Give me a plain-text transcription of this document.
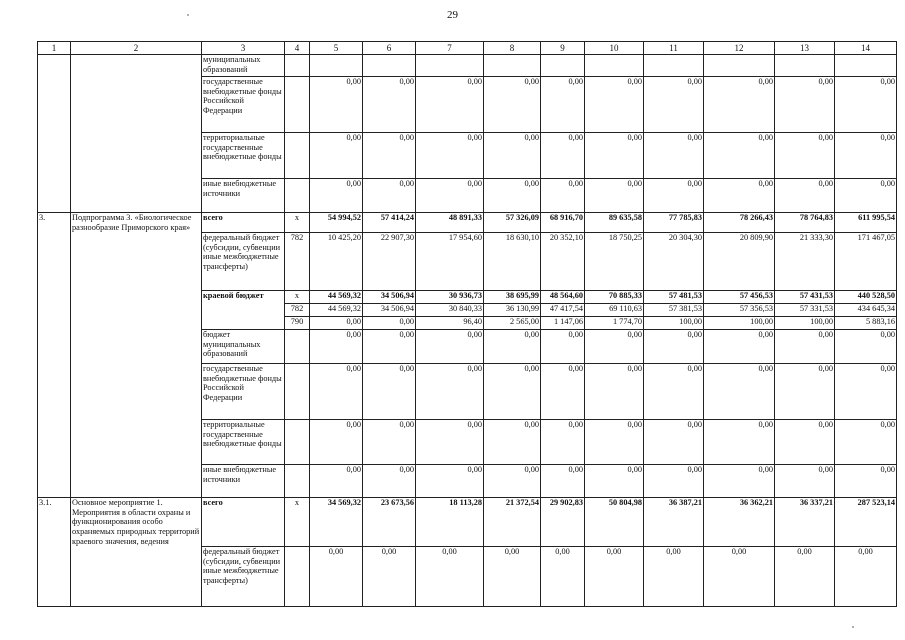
29
1	2	3	4	5	6	7	8	9	10	11	12	13	14
		муниципальных образований											
		государственные внебюджетные фонды Российской Федерации		0,00	0,00	0,00	0,00	0,00	0,00	0,00	0,00	0,00	0,00
		территориальные государственные внебюджетные фонды		0,00	0,00	0,00	0,00	0,00	0,00	0,00	0,00	0,00	0,00
		иные внебюджетные источники		0,00	0,00	0,00	0,00	0,00	0,00	0,00	0,00	0,00	0,00
3.	Подпрограмма 3. «Биологическое разнообразие Приморского края»	всего	х	54 994,52	57 414,24	48 891,33	57 326,09	68 916,70	89 635,58	77 785,83	78 266,43	78 764,83	611 995,54
		федеральный бюджет (субсидии, субвенции иные межбюджетные трансферты)	782	10 425,20	22 907,30	17 954,60	18 630,10	20 352,10	18 750,25	20 304,30	20 809,90	21 333,30	171 467,05
		краевой бюджет	х	44 569,32	34 506,94	30 936,73	38 695,99	48 564,60	70 885,33	57 481,53	57 456,53	57 431,53	440 528,50
			782	44 569,32	34 506,94	30 840,33	36 130,99	47 417,54	69 110,63	57 381,53	57 356,53	57 331,53	434 645,34
			790	0,00	0,00	96,40	2 565,00	1 147,06	1 774,70	100,00	100,00	100,00	5 883,16
		бюджет муниципальных образований		0,00	0,00	0,00	0,00	0,00	0,00	0,00	0,00	0,00	0,00
		государственные внебюджетные фонды Российской Федерации		0,00	0,00	0,00	0,00	0,00	0,00	0,00	0,00	0,00	0,00
		территориальные государственные внебюджетные фонды		0,00	0,00	0,00	0,00	0,00	0,00	0,00	0,00	0,00	0,00
		иные внебюджетные источники		0,00	0,00	0,00	0,00	0,00	0,00	0,00	0,00	0,00	0,00
3.1.	Основное мероприятие 1. Мероприятия в области охраны и функционирования особо охраняемых природных территорий краевого значения, ведения	всего	х	34 569,32	23 673,56	18 113,28	21 372,54	29 902,83	50 804,98	36 387,21	36 362,21	36 337,21	287 523,14
		федеральный бюджет (субсидии, субвенции иные межбюджетные трансферты)		0,00	0,00	0,00	0,00	0,00	0,00	0,00	0,00	0,00	0,00
